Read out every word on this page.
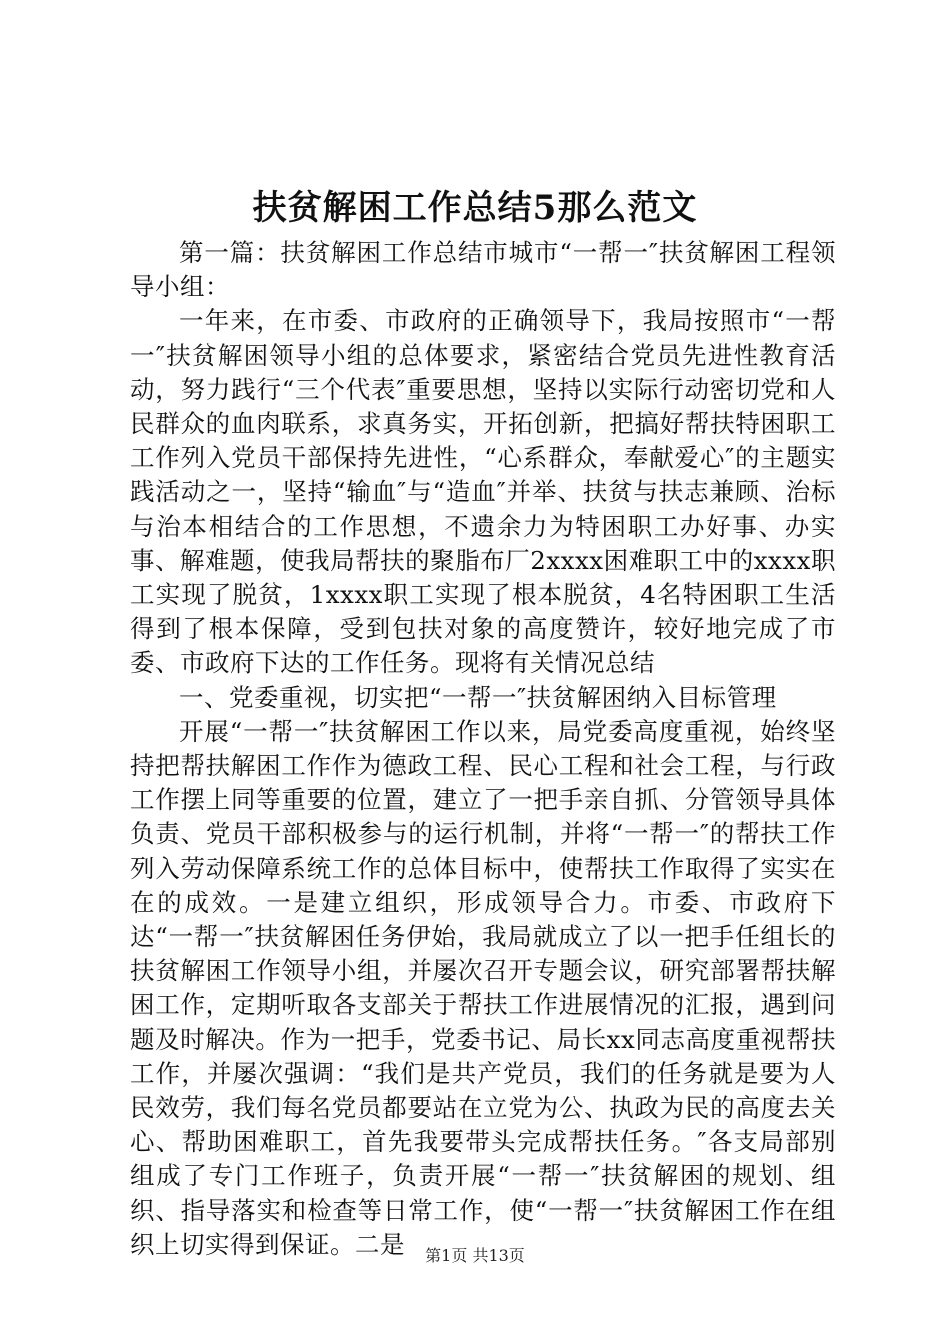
扶贫解困工作总结5那么范文

第一篇：扶贫解困工作总结市城市“一帮一″扶贫解困工程领导小组：

一年来，在市委、市政府的正确领导下，我局按照市“一帮一″扶贫解困领导小组的总体要求，紧密结合党员先进性教育活动，努力践行“三个代表″重要思想，坚持以实际行动密切党和人民群众的血肉联系，求真务实，开拓创新，把搞好帮扶特困职工工作列入党员干部保持先进性，“心系群众，奉献爱心″的主题实践活动之一，坚持“输血″与“造血″并举、扶贫与扶志兼顾、治标与治本相结合的工作思想，不遗余力为特困职工办好事、办实事、解难题，使我局帮扶的聚脂布厂2xxxx困难职工中的xxxx职工实现了脱贫，1xxxx职工实现了根本脱贫，4名特困职工生活得到了根本保障，受到包扶对象的高度赞许，较好地完成了市委、市政府下达的工作任务。现将有关情况总结

一、党委重视，切实把“一帮一″扶贫解困纳入目标管理

开展“一帮一″扶贫解困工作以来，局党委高度重视，始终坚持把帮扶解困工作作为德政工程、民心工程和社会工程，与行政工作摆上同等重要的位置，建立了一把手亲自抓、分管领导具体负责、党员干部积极参与的运行机制，并将“一帮一″的帮扶工作列入劳动保障系统工作的总体目标中，使帮扶工作取得了实实在在的成效。一是建立组织，形成领导合力。市委、市政府下达“一帮一″扶贫解困任务伊始，我局就成立了以一把手任组长的扶贫解困工作领导小组，并屡次召开专题会议，研究部署帮扶解困工作，定期听取各支部关于帮扶工作进展情况的汇报，遇到问题及时解决。作为一把手，党委书记、局长xx同志高度重视帮扶工作，并屡次强调：“我们是共产党员，我们的任务就是要为人民效劳，我们每名党员都要站在立党为公、执政为民的高度去关心、帮助困难职工，首先我要带头完成帮扶任务。″各支局部别组成了专门工作班子，负责开展“一帮一″扶贫解困的规划、组织、指导落实和检查等日常工作，使“一帮一″扶贫解困工作在组织上切实得到保证。二是	第1页 共13页
